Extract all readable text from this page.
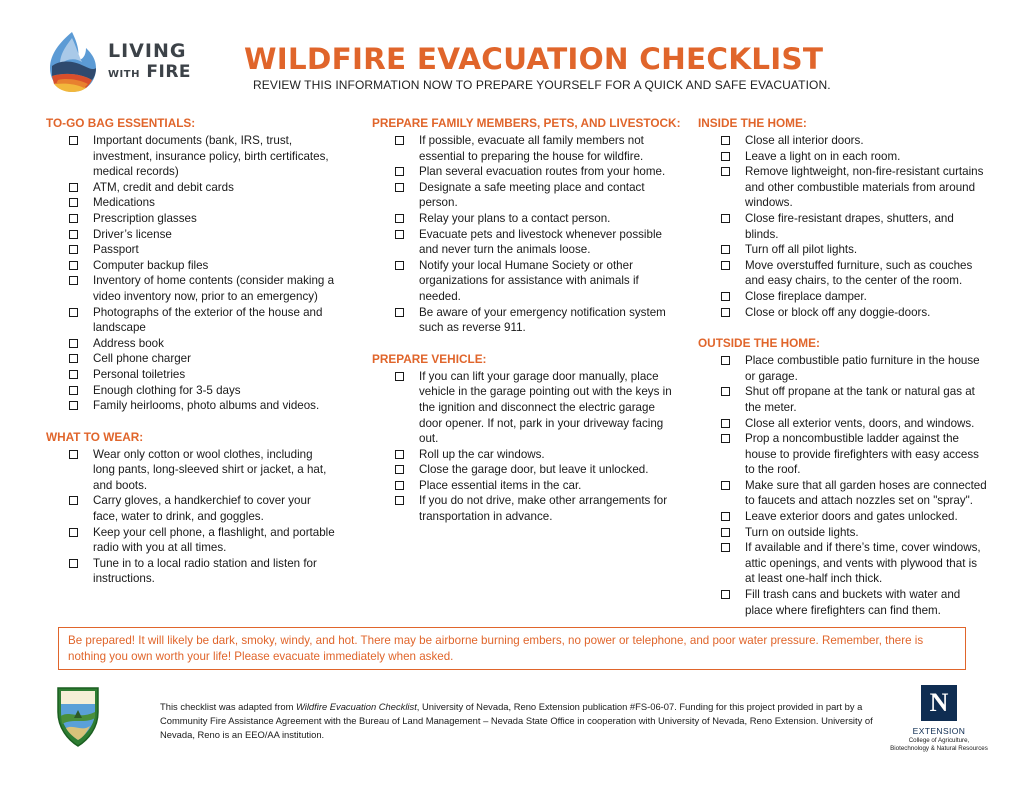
LIVING
WITH FIRE WILDFIRE EVACUATION CHECKLIST
REVIEW THIS INFORMATION NOW TO PREPARE YOURSELF FOR A QUICK AND SAFE EVACUATION.
TO-GO BAG ESSENTIALS:
Important documents (bank, IRS, trust, investment, insurance policy, birth certificates, medical records)
ATM, credit and debit cards
Medications
Prescription glasses
Driver’s license
Passport
Computer backup files
Inventory of home contents (consider making a video inventory now, prior to an emergency)
Photographs of the exterior of the house and landscape
Address book
Cell phone charger
Personal toiletries
Enough clothing for 3-5 days
Family heirlooms, photo albums and videos.
WHAT TO WEAR:
Wear only cotton or wool clothes, including long pants, long-sleeved shirt or jacket, a hat, and boots.
Carry gloves, a handkerchief to cover your face, water to drink, and goggles.
Keep your cell phone, a flashlight, and portable radio with you at all times.
Tune in to a local radio station and listen for instructions.
PREPARE FAMILY MEMBERS, PETS, AND LIVESTOCK:
If possible, evacuate all family members not essential to preparing the house for wildfire.
Plan several evacuation routes from your home.
Designate a safe meeting place and contact person.
Relay your plans to a contact person.
Evacuate pets and livestock whenever possible and never turn the animals loose.
Notify your local Humane Society or other organizations for assistance with animals if needed.
Be aware of your emergency notification system such as reverse 911.
PREPARE VEHICLE:
If you can lift your garage door manually, place vehicle in the garage pointing out with the keys in the ignition and disconnect the electric garage door opener. If not, park in your driveway facing out.
Roll up the car windows.
Close the garage door, but leave it unlocked.
Place essential items in the car.
If you do not drive, make other arrangements for transportation in advance.
INSIDE THE HOME:
Close all interior doors.
Leave a light on in each room.
Remove lightweight, non-fire-resistant curtains and other combustible materials from around windows.
Close fire-resistant drapes, shutters, and blinds.
Turn off all pilot lights.
Move overstuffed furniture, such as couches and easy chairs, to the center of the room.
Close fireplace damper.
Close or block off any doggie-doors.
OUTSIDE THE HOME:
Place combustible patio furniture in the house or garage.
Shut off propane at the tank or natural gas at the meter.
Close all exterior vents, doors, and windows.
Prop a noncombustible ladder against the house to provide firefighters with easy access to the roof.
Make sure that all garden hoses are connected to faucets and attach nozzles set on "spray".
Leave exterior doors and gates unlocked.
Turn on outside lights.
If available and if there’s time, cover windows, attic openings, and vents with plywood that is at least one-half inch thick.
Fill trash cans and buckets with water and place where firefighters can find them.
Be prepared! It will likely be dark, smoky, windy, and hot. There may be airborne burning embers, no power or telephone, and poor water pressure. Remember, there is nothing you own worth your life! Please evacuate immediately when asked.
This checklist was adapted from Wildfire Evacuation Checklist, University of Nevada, Reno Extension publication #FS-06-07. Funding for this project provided in part by a Community Fire Assistance Agreement with the Bureau of Land Management – Nevada State Office in cooperation with University of Nevada, Reno Extension. University of Nevada, Reno is an EEO/AA institution.
N
EXTENSION
College of Agriculture,
Biotechnology & Natural Resources
